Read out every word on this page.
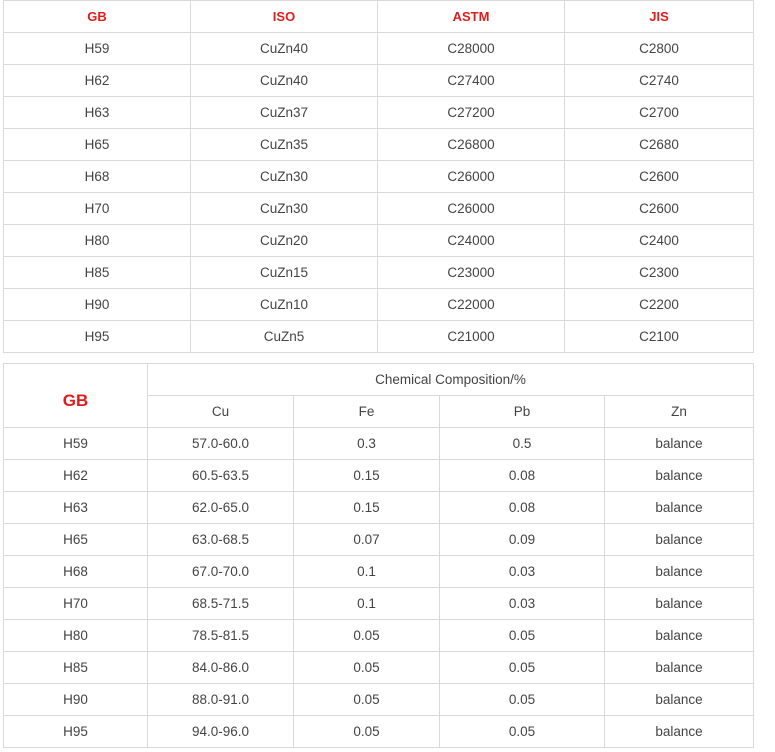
GB	ISO	ASTM	JIS
H59	CuZn40	C28000	C2800
H62	CuZn40	C27400	C2740
H63	CuZn37	C27200	C2700
H65	CuZn35	C26800	C2680
H68	CuZn30	C26000	C2600
H70	CuZn30	C26000	C2600
H80	CuZn20	C24000	C2400
H85	CuZn15	C23000	C2300
H90	CuZn10	C22000	C2200
H95	CuZn5	C21000	C2100
GB	Chemical Composition/%			
	Cu	Fe	Pb	Zn
H59	57.0-60.0	0.3	0.5	balance
H62	60.5-63.5	0.15	0.08	balance
H63	62.0-65.0	0.15	0.08	balance
H65	63.0-68.5	0.07	0.09	balance
H68	67.0-70.0	0.1	0.03	balance
H70	68.5-71.5	0.1	0.03	balance
H80	78.5-81.5	0.05	0.05	balance
H85	84.0-86.0	0.05	0.05	balance
H90	88.0-91.0	0.05	0.05	balance
H95	94.0-96.0	0.05	0.05	balance
